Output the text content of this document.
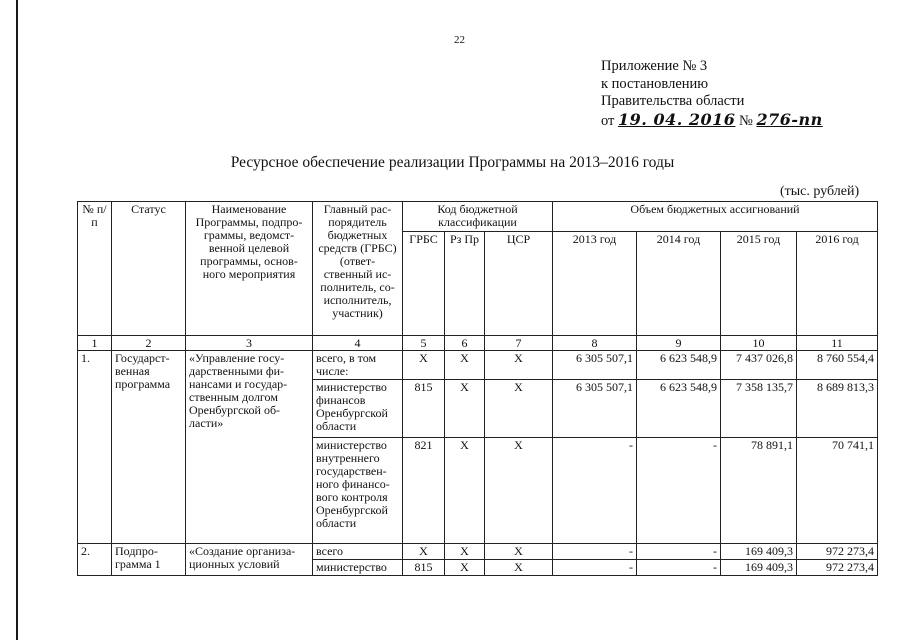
22
Приложение № 3
к постановлению
Правительства области
от 19. 04. 2016 № 276-пп
Ресурсное обеспечение реализации Программы на 2013–2016 годы
(тыс. рублей)
№ п/п	Статус	Наименование Программы, подпро-граммы, ведомст-венной целевой программы, основ-ного мероприятия	Главный рас-порядитель бюджетных средств (ГРБС) (ответ-ственный ис-полнитель, со-исполнитель, участник)	Код бюджетной классификации			Объем бюджетных ассигнований			
				ГРБС	Рз Пр	ЦСР	2013 год	2014 год	2015 год	2016 год
1	2	3	4	5	6	7	8	9	10	11
1.	Государст-венная программа	«Управление госу-дарственными фи-нансами и государ-ственным долгом Оренбургской об-ласти»	всего, в том числе:	X	X	X	6 305 507,1	6 623 548,9	7 437 026,8	8 760 554,4
			министерство финансов Оренбургской области	815	X	X	6 305 507,1	6 623 548,9	7 358 135,7	8 689 813,3
			министерство внутреннего государствен-ного финансо-вого контроля Оренбургской области	821	X	X	-	-	78 891,1	70 741,1
2.	Подпро-грамма 1	«Создание организа-ционных условий	всего	X	X	X	-	-	169 409,3	972 273,4
			министерство	815	X	X	-	-	169 409,3	972 273,4
